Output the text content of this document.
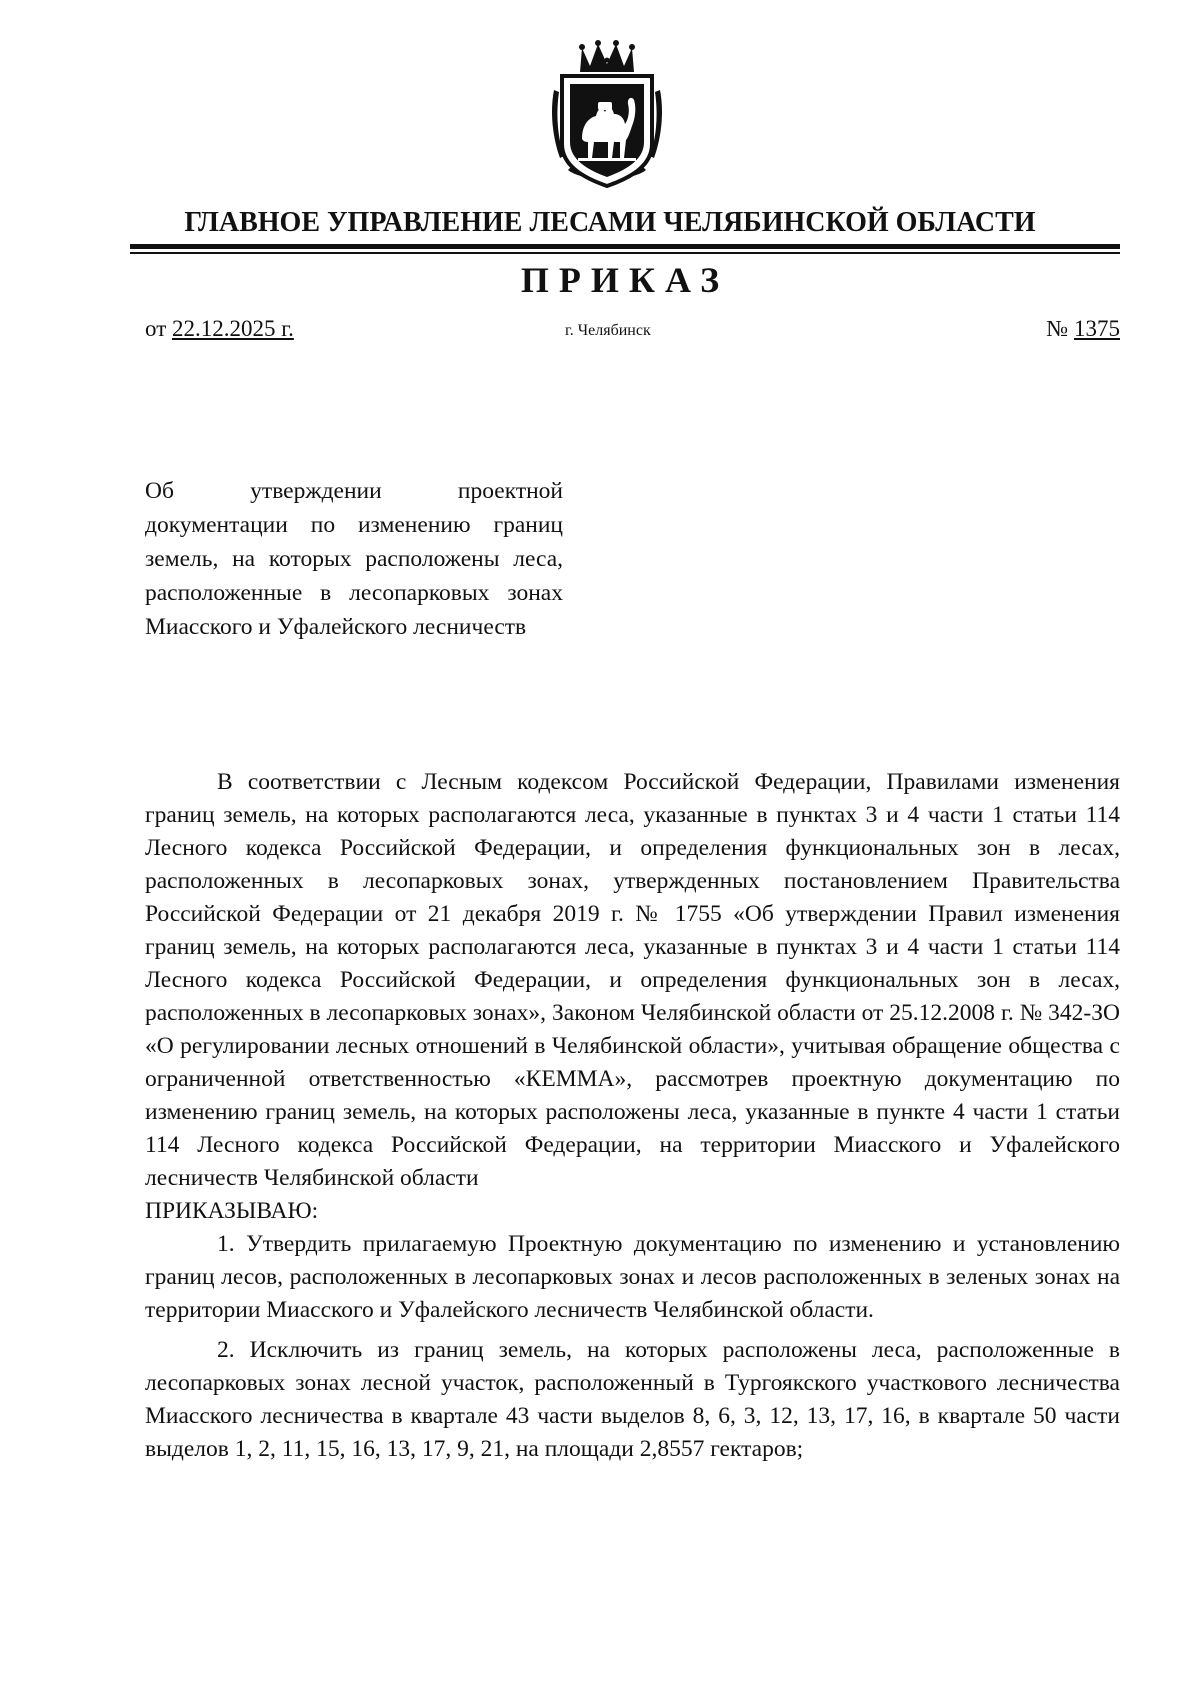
ГЛАВНОЕ УПРАВЛЕНИЕ ЛЕСАМИ ЧЕЛЯБИНСКОЙ ОБЛАСТИ
ПРИКАЗ
от 22.12.2025 г.	г. Челябинск	№ 1375
Об утверждении проектной документации по изменению границ земель, на которых расположены леса, расположенные в лесопарковых зонах Миасского и Уфалейского лесничеств

В соответствии с Лесным кодексом Российской Федерации, Правилами изменения границ земель, на которых располагаются леса, указанные в пунктах 3 и 4 части 1 статьи 114 Лесного кодекса Российской Федерации, и определения функциональных зон в лесах, расположенных в лесопарковых зонах, утвержденных постановлением Правительства Российской Федерации от 21 декабря 2019 г. № 1755 «Об утверждении Правил изменения границ земель, на которых располагаются леса, указанные в пунктах 3 и 4 части 1 статьи 114 Лесного кодекса Российской Федерации, и определения функциональных зон в лесах, расположенных в лесопарковых зонах», Законом Челябинской области от 25.12.2008 г. № 342-ЗО «О регулировании лесных отношений в Челябинской области», учитывая обращение общества с ограниченной ответственностью «КЕММА», рассмотрев проектную документацию по изменению границ земель, на которых расположены леса, указанные в пункте 4 части 1 статьи 114 Лесного кодекса Российской Федерации, на территории Миасского и Уфалейского лесничеств Челябинской области

ПРИКАЗЫВАЮ:

1. Утвердить прилагаемую Проектную документацию по изменению и установлению границ лесов, расположенных в лесопарковых зонах и лесов расположенных в зеленых зонах на территории Миасского и Уфалейского лесничеств Челябинской области.

2. Исключить из границ земель, на которых расположены леса, расположенные в лесопарковых зонах лесной участок, расположенный в Тургоякского участкового лесничества Миасского лесничества в квартале 43 части выделов 8, 6, 3, 12, 13, 17, 16, в квартале 50 части выделов 1, 2, 11, 15, 16, 13, 17, 9, 21, на площади 2,8557 гектаров;
